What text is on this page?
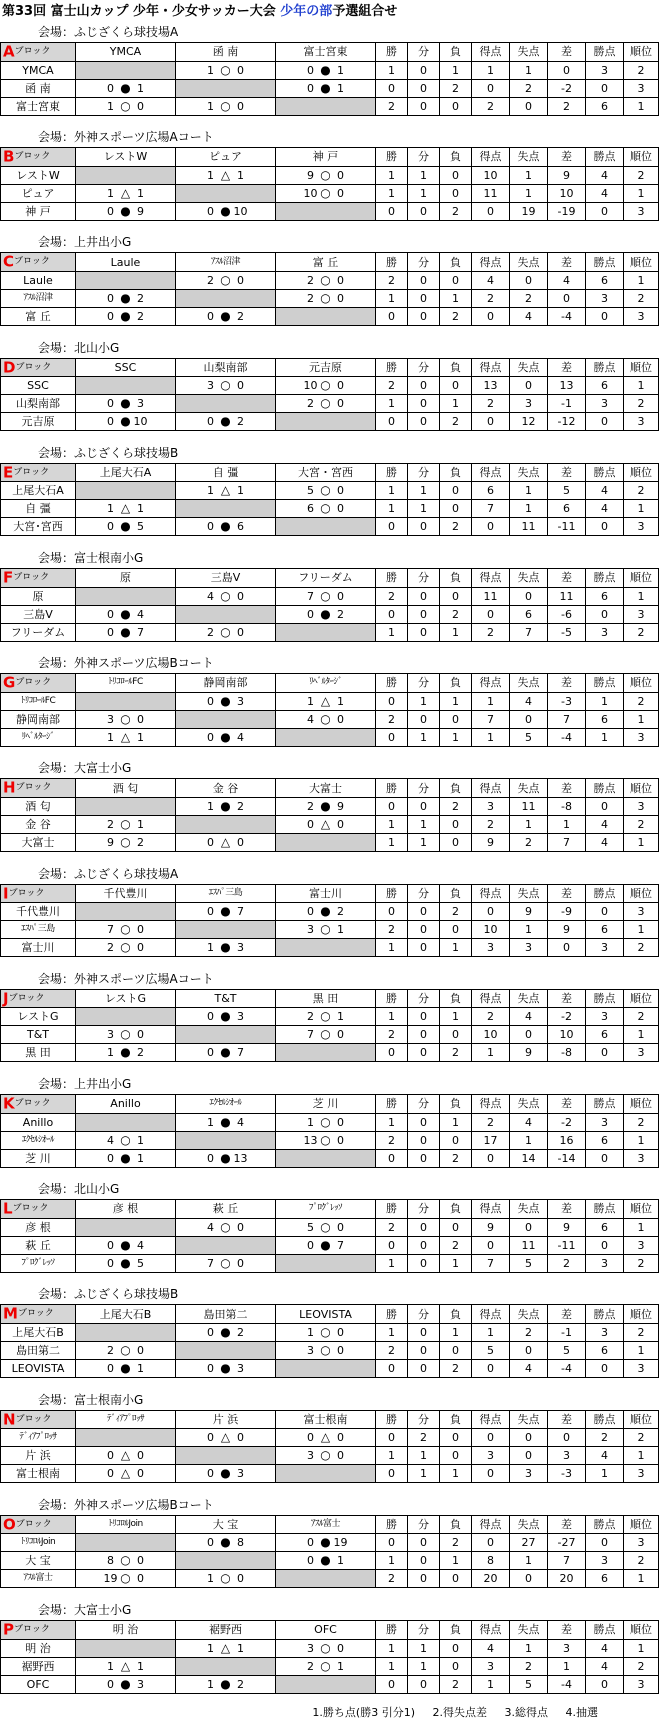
第33回 富士山カップ 少年・少女サッカー大会 少年の部予選組合せ
会場：ふじざくら球技場A
Aブロック	YMCA	函 南	富士宮東	勝	分	負	得点	失点	差	勝点	順位
YMCA		1 ○ 0	0 ● 1	1	0	1	1	1	0	3	2
函 南	0 ● 1		0 ● 1	0	0	2	0	2	-2	0	3
富士宮東	1 ○ 0	1 ○ 0		2	0	0	2	0	2	6	1
会場：外神スポーツ広場Aコート
Bブロック	レストW	ピュア	神 戸	勝	分	負	得点	失点	差	勝点	順位
レストW		1 △ 1	9 ○ 0	1	1	0	10	1	9	4	2
ピュア	1 △ 1		10 ○ 0	1	1	0	11	1	10	4	1
神 戸	0 ● 9	0 ● 10		0	0	2	0	19	-19	0	3
会場：上井出小G
Cブロック	Laule	ｱｽﾙ沼津	富 丘	勝	分	負	得点	失点	差	勝点	順位
Laule		2 ○ 0	2 ○ 0	2	0	0	4	0	4	6	1
ｱｽﾙ沼津	0 ● 2		2 ○ 0	1	0	1	2	2	0	3	2
富 丘	0 ● 2	0 ● 2		0	0	2	0	4	-4	0	3
会場：北山小G
Dブロック	SSC	山梨南部	元吉原	勝	分	負	得点	失点	差	勝点	順位
SSC		3 ○ 0	10 ○ 0	2	0	0	13	0	13	6	1
山梨南部	0 ● 3		2 ○ 0	1	0	1	2	3	-1	3	2
元吉原	0 ● 10	0 ● 2		0	0	2	0	12	-12	0	3
会場：ふじざくら球技場B
Eブロック	上尾大石A	自 彊	大宮・宮西	勝	分	負	得点	失点	差	勝点	順位
上尾大石A		1 △ 1	5 ○ 0	1	1	0	6	1	5	4	2
自 彊	1 △ 1		6 ○ 0	1	1	0	7	1	6	4	1
大宮･宮西	0 ● 5	0 ● 6		0	0	2	0	11	-11	0	3
会場：富士根南小G
Fブロック	原	三島V	フリーダム	勝	分	負	得点	失点	差	勝点	順位
原		4 ○ 0	7 ○ 0	2	0	0	11	0	11	6	1
三島V	0 ● 4		0 ● 2	0	0	2	0	6	-6	0	3
フリーダム	0 ● 7	2 ○ 0		1	0	1	2	7	-5	3	2
会場：外神スポーツ広場Bコート
Gブロック	ﾄﾘｺﾛｰﾙFC	静岡南部	ﾘﾍﾞﾙﾀｰｼﾞ	勝	分	負	得点	失点	差	勝点	順位
ﾄﾘｺﾛｰﾙFC		0 ● 3	1 △ 1	0	1	1	1	4	-3	1	2
静岡南部	3 ○ 0		4 ○ 0	2	0	0	7	0	7	6	1
ﾘﾍﾞﾙﾀｰｼﾞ	1 △ 1	0 ● 4		0	1	1	1	5	-4	1	3
会場：大富士小G
Hブロック	酒 匂	金 谷	大富士	勝	分	負	得点	失点	差	勝点	順位
酒 匂		1 ● 2	2 ● 9	0	0	2	3	11	-8	0	3
金 谷	2 ○ 1		0 △ 0	1	1	0	2	1	1	4	2
大富士	9 ○ 2	0 △ 0		1	1	0	9	2	7	4	1
会場：ふじざくら球技場A
Iブロック	千代豊川	ｴｽﾊﾟ三島	富士川	勝	分	負	得点	失点	差	勝点	順位
千代豊川		0 ● 7	0 ● 2	0	0	2	0	9	-9	0	3
ｴｽﾊﾟ三島	7 ○ 0		3 ○ 1	2	0	0	10	1	9	6	1
富士川	2 ○ 0	1 ● 3		1	0	1	3	3	0	3	2
会場：外神スポーツ広場Aコート
Jブロック	レストG	T&T	黒 田	勝	分	負	得点	失点	差	勝点	順位
レストG		0 ● 3	2 ○ 1	1	0	1	2	4	-2	3	2
T&T	3 ○ 0		7 ○ 0	2	0	0	10	0	10	6	1
黒 田	1 ● 2	0 ● 7		0	0	2	1	9	-8	0	3
会場：上井出小G
Kブロック	Anillo	ｴｸｾﾙｼｵｰﾙ	芝 川	勝	分	負	得点	失点	差	勝点	順位
Anillo		1 ● 4	1 ○ 0	1	0	1	2	4	-2	3	2
ｴｸｾﾙｼｵｰﾙ	4 ○ 1		13 ○ 0	2	0	0	17	1	16	6	1
芝 川	0 ● 1	0 ● 13		0	0	2	0	14	-14	0	3
会場：北山小G
Lブロック	彦 根	萩 丘	ﾌﾟﾛｸﾞﾚｯｿ	勝	分	負	得点	失点	差	勝点	順位
彦 根		4 ○ 0	5 ○ 0	2	0	0	9	0	9	6	1
萩 丘	0 ● 4		0 ● 7	0	0	2	0	11	-11	0	3
ﾌﾟﾛｸﾞﾚｯｿ	0 ● 5	7 ○ 0		1	0	1	7	5	2	3	2
会場：ふじざくら球技場B
Mブロック	上尾大石B	島田第二	LEOVISTA	勝	分	負	得点	失点	差	勝点	順位
上尾大石B		0 ● 2	1 ○ 0	1	0	1	1	2	-1	3	2
島田第二	2 ○ 0		3 ○ 0	2	0	0	5	0	5	6	1
LEOVISTA	0 ● 1	0 ● 3		0	0	2	0	4	-4	0	3
会場：富士根南小G
Nブロック	ﾃﾞｨｱﾌﾟﾛｯｻ	片 浜	富士根南	勝	分	負	得点	失点	差	勝点	順位
ﾃﾞｨｱﾌﾟﾛｯｻ		0 △ 0	0 △ 0	0	2	0	0	0	0	2	2
片 浜	0 △ 0		3 ○ 0	1	1	0	3	0	3	4	1
富士根南	0 △ 0	0 ● 3		0	1	1	0	3	-3	1	3
会場：外神スポーツ広場Bコート
Oブロック	ﾄﾘｺﾛﾙJoin	大 宝	ｱｽﾙ富士	勝	分	負	得点	失点	差	勝点	順位
ﾄﾘｺﾛﾙJoin		0 ● 8	0 ● 19	0	0	2	0	27	-27	0	3
大 宝	8 ○ 0		0 ● 1	1	0	1	8	1	7	3	2
ｱｽﾙ富士	19 ○ 0	1 ○ 0		2	0	0	20	0	20	6	1
会場：大富士小G
Pブロック	明 治	裾野西	OFC	勝	分	負	得点	失点	差	勝点	順位
明 治		1 △ 1	3 ○ 0	1	1	0	4	1	3	4	1
裾野西	1 △ 1		2 ○ 1	1	1	0	3	2	1	4	2
OFC	0 ● 3	1 ● 2		0	0	2	1	5	-4	0	3
1.勝ち点(勝3 引分1) 2.得失点差 3.総得点 4.抽選
